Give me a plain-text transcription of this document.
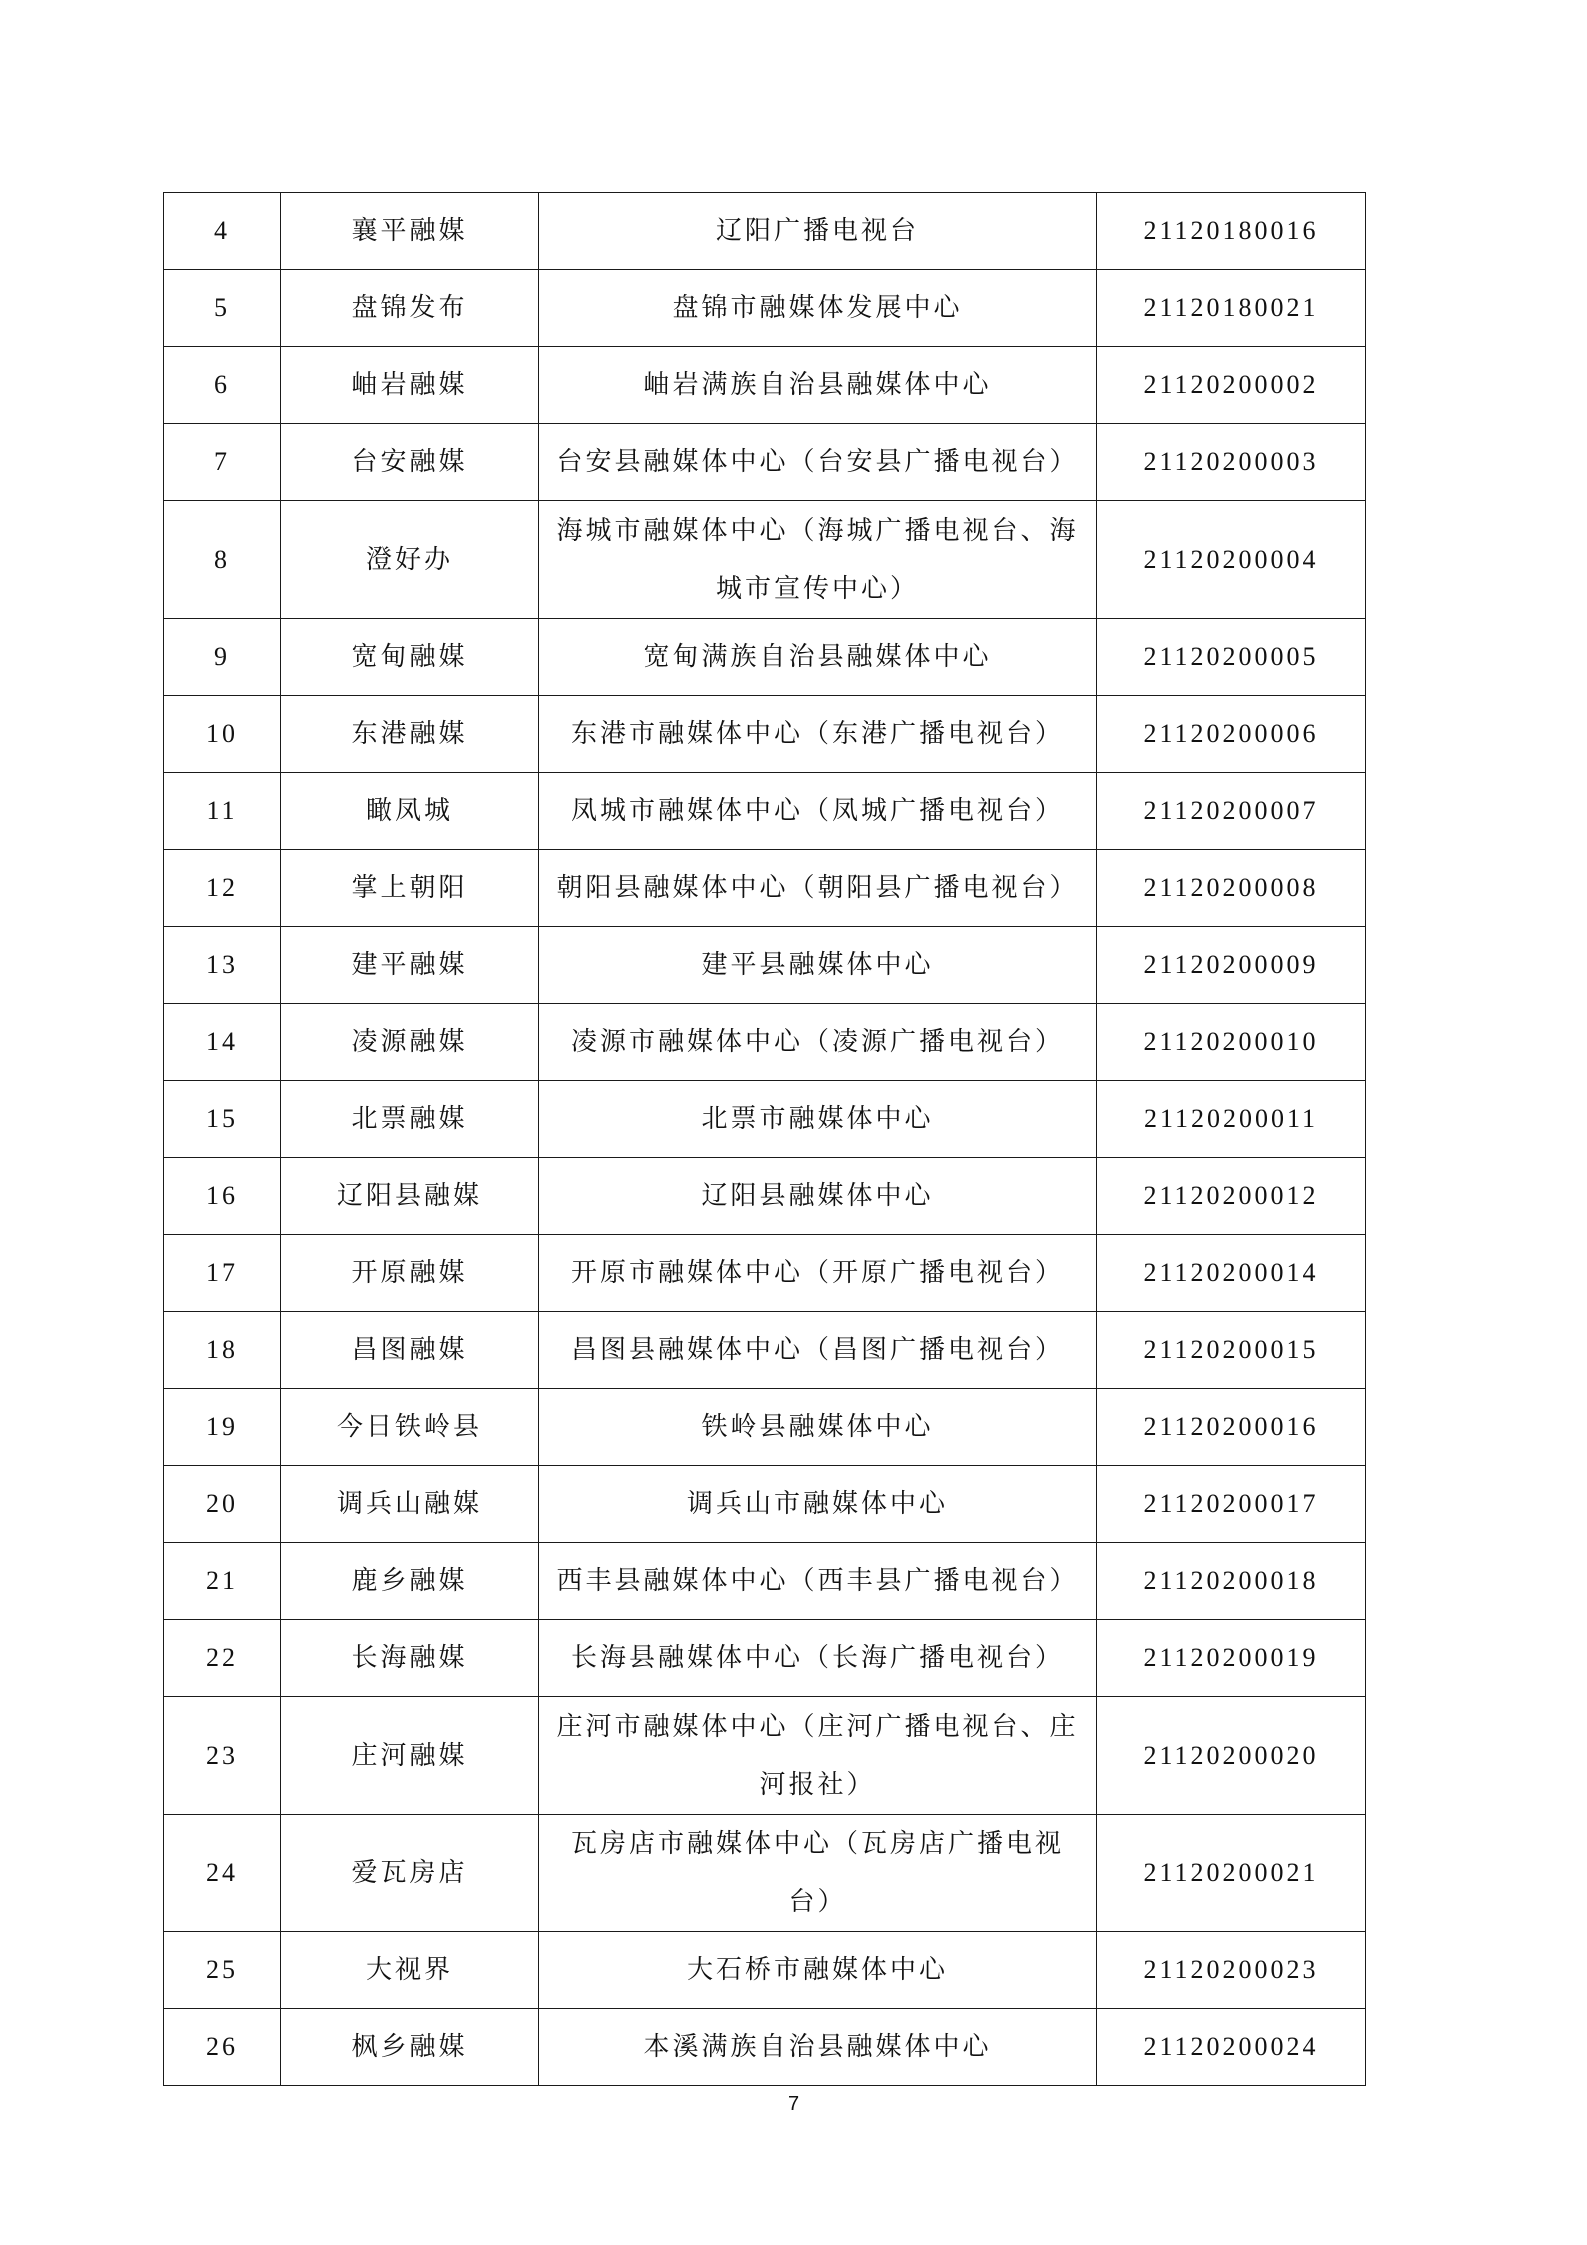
4	襄平融媒	辽阳广播电视台	21120180016
5	盘锦发布	盘锦市融媒体发展中心	21120180021
6	岫岩融媒	岫岩满族自治县融媒体中心	21120200002
7	台安融媒	台安县融媒体中心（台安县广播电视台）	21120200003
8	澄好办	海城市融媒体中心（海城广播电视台、海城市宣传中心）	21120200004
9	宽甸融媒	宽甸满族自治县融媒体中心	21120200005
10	东港融媒	东港市融媒体中心（东港广播电视台）	21120200006
11	瞰凤城	凤城市融媒体中心（凤城广播电视台）	21120200007
12	掌上朝阳	朝阳县融媒体中心（朝阳县广播电视台）	21120200008
13	建平融媒	建平县融媒体中心	21120200009
14	凌源融媒	凌源市融媒体中心（凌源广播电视台）	21120200010
15	北票融媒	北票市融媒体中心	21120200011
16	辽阳县融媒	辽阳县融媒体中心	21120200012
17	开原融媒	开原市融媒体中心（开原广播电视台）	21120200014
18	昌图融媒	昌图县融媒体中心（昌图广播电视台）	21120200015
19	今日铁岭县	铁岭县融媒体中心	21120200016
20	调兵山融媒	调兵山市融媒体中心	21120200017
21	鹿乡融媒	西丰县融媒体中心（西丰县广播电视台）	21120200018
22	长海融媒	长海县融媒体中心（长海广播电视台）	21120200019
23	庄河融媒	庄河市融媒体中心（庄河广播电视台、庄河报社）	21120200020
24	爱瓦房店	瓦房店市融媒体中心（瓦房店广播电视台）	21120200021
25	大视界	大石桥市融媒体中心	21120200023
26	枫乡融媒	本溪满族自治县融媒体中心	21120200024
7
